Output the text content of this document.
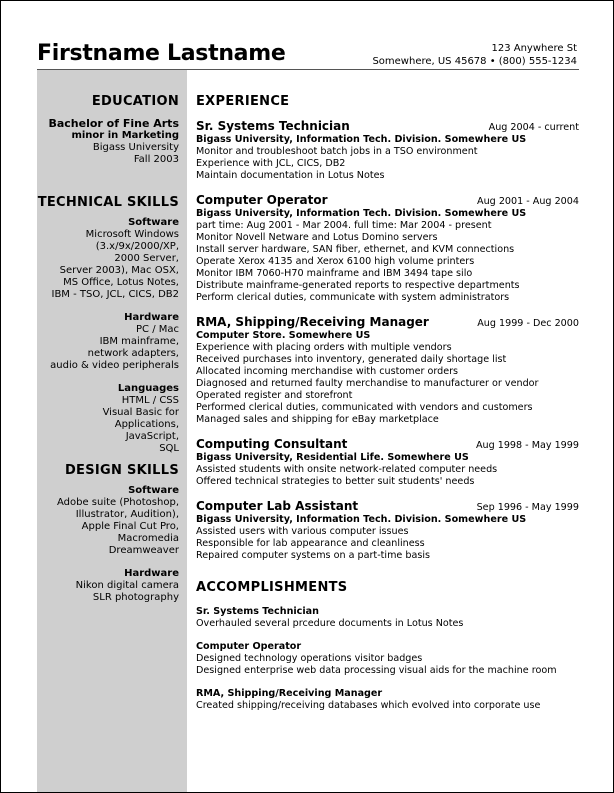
Firstname Lastname	123 Anywhere St
Somewhere, US 45678 • (800) 555-1234
EDUCATION
Bachelor of Fine Arts
minor in Marketing
Bigass University
Fall 2003
TECHNICAL SKILLS
Software
Microsoft Windows
(3.x/9x/2000/XP,
2000 Server,
Server 2003), Mac OSX,
MS Office, Lotus Notes,
IBM - TSO, JCL, CICS, DB2
Hardware
PC / Mac
IBM mainframe,
network adapters,
audio & video peripherals
Languages
HTML / CSS
Visual Basic for
Applications,
JavaScript,
SQL
DESIGN SKILLS
Software
Adobe suite (Photoshop,
Illustrator, Audition),
Apple Final Cut Pro,
Macromedia
Dreamweaver
Hardware
Nikon digital camera
SLR photography
EXPERIENCE
Sr. Systems Technician	Aug 2004 - current
Bigass University, Information Tech. Division. Somewhere US
Monitor and troubleshoot batch jobs in a TSO environment
Experience with JCL, CICS, DB2
Maintain documentation in Lotus Notes
Computer Operator	Aug 2001 - Aug 2004
Bigass University, Information Tech. Division. Somewhere US
part time: Aug 2001 - Mar 2004. full time: Mar 2004 - present
Monitor Novell Netware and Lotus Domino servers
Install server hardware, SAN fiber, ethernet, and KVM connections
Operate Xerox 4135 and Xerox 6100 high volume printers
Monitor IBM 7060-H70 mainframe and IBM 3494 tape silo
Distribute mainframe-generated reports to respective departments
Perform clerical duties, communicate with system administrators
RMA, Shipping/Receiving Manager	Aug 1999 - Dec 2000
Computer Store. Somewhere US
Experience with placing orders with multiple vendors
Received purchases into inventory, generated daily shortage list
Allocated incoming merchandise with customer orders
Diagnosed and returned faulty merchandise to manufacturer or vendor
Operated register and storefront
Performed clerical duties, communicated with vendors and customers
Managed sales and shipping for eBay marketplace
Computing Consultant	Aug 1998 - May 1999
Bigass University, Residential Life. Somewhere US
Assisted students with onsite network-related computer needs
Offered technical strategies to better suit students' needs
Computer Lab Assistant	Sep 1996 - May 1999
Bigass University, Information Tech. Division. Somewhere US
Assisted users with various computer issues
Responsible for lab appearance and cleanliness
Repaired computer systems on a part-time basis
ACCOMPLISHMENTS
Sr. Systems Technician
Overhauled several prcedure documents in Lotus Notes
Computer Operator
Designed technology operations visitor badges
Designed enterprise web data processing visual aids for the machine room
RMA, Shipping/Receiving Manager
Created shipping/receiving databases which evolved into corporate use
